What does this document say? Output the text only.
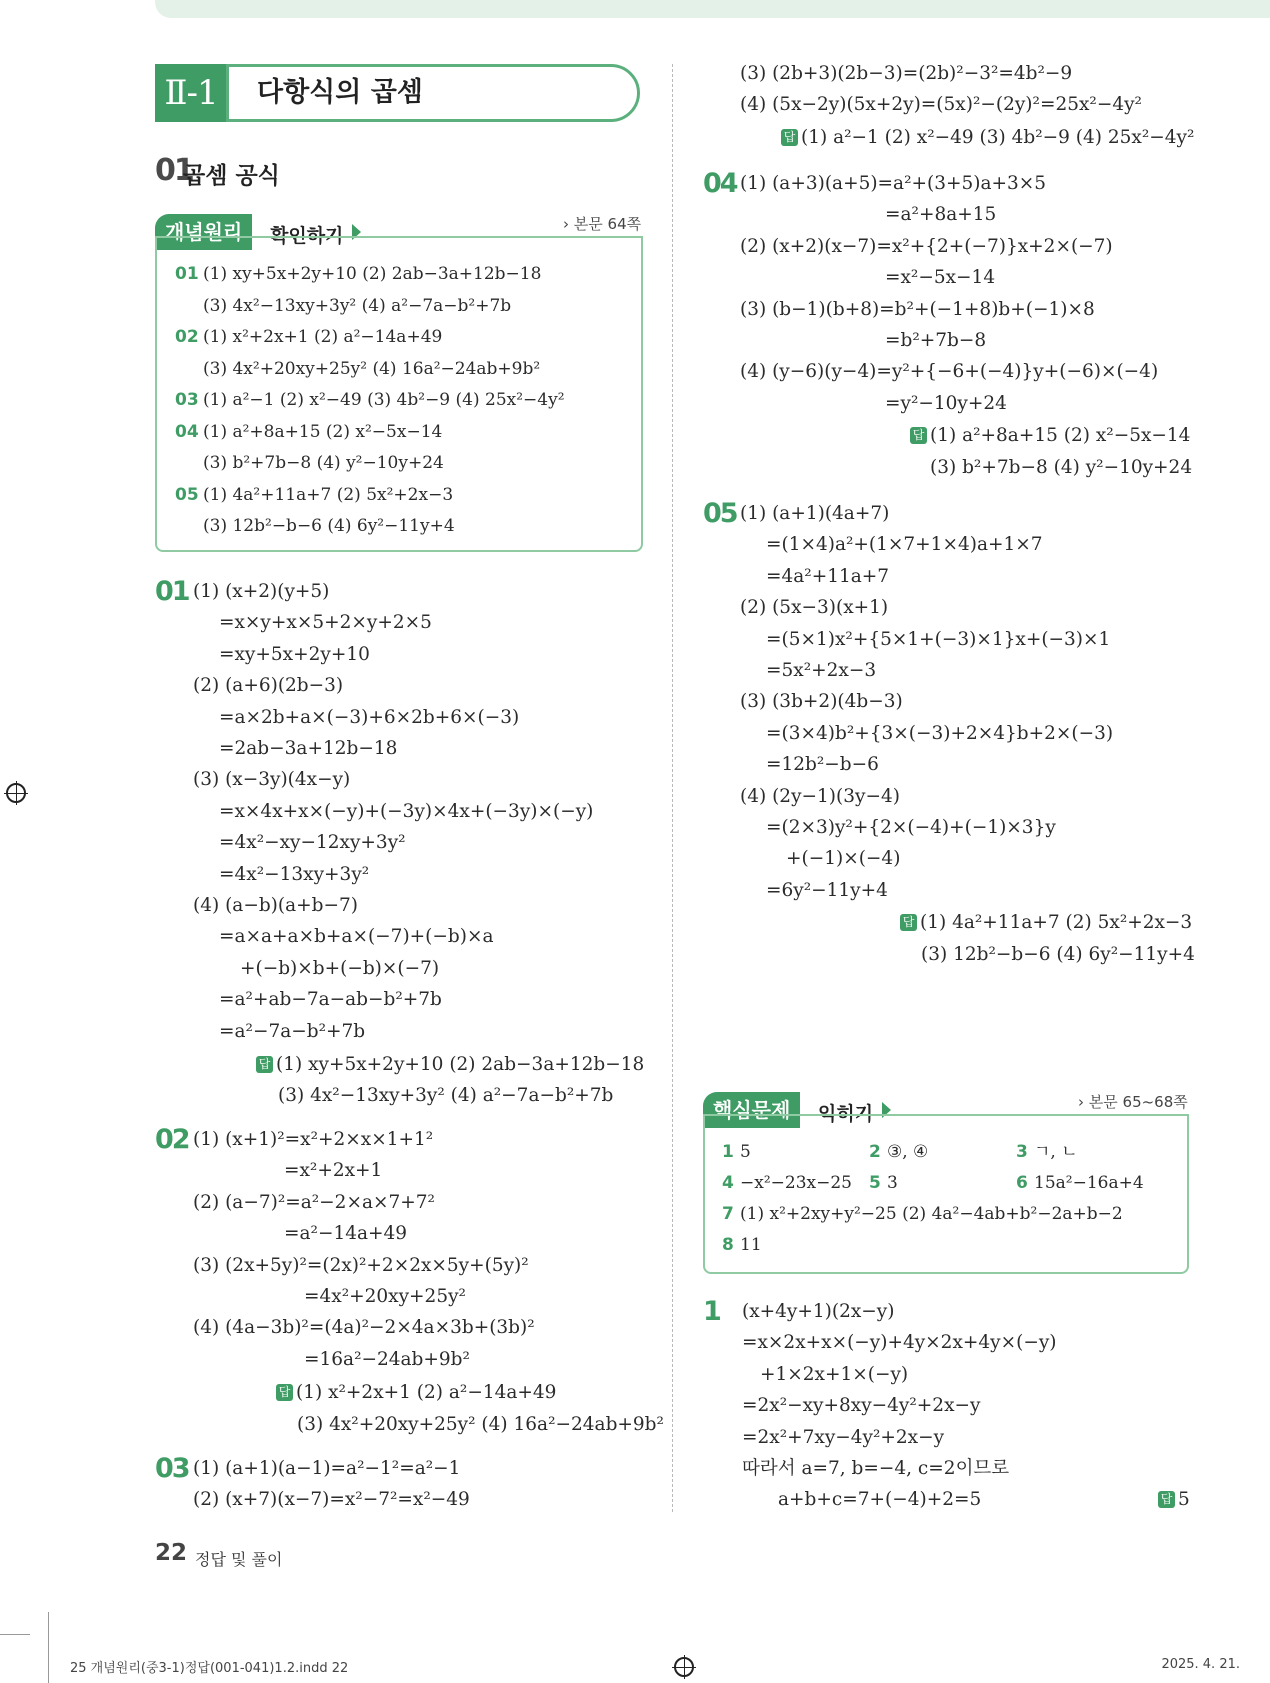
Ⅱ-1	다항식의 곱셈
01
곱셈 공식
개념원리	확인하기
› 본문 64쪽
01 (1) xy+5x+2y+10 (2) 2ab−3a+12b−18
(3) 4x²−13xy+3y² (4) a²−7a−b²+7b
02 (1) x²+2x+1 (2) a²−14a+49
(3) 4x²+20xy+25y² (4) 16a²−24ab+9b²
03 (1) a²−1 (2) x²−49 (3) 4b²−9 (4) 25x²−4y²
04 (1) a²+8a+15 (2) x²−5x−14
(3) b²+7b−8 (4) y²−10y+24
05 (1) 4a²+11a+7 (2) 5x²+2x−3
(3) 12b²−b−6 (4) 6y²−11y+4
01 (1) (x+2)(y+5)
=x×y+x×5+2×y+2×5
=xy+5x+2y+10
(2) (a+6)(2b−3)
=a×2b+a×(−3)+6×2b+6×(−3)
=2ab−3a+12b−18
(3) (x−3y)(4x−y)
=x×4x+x×(−y)+(−3y)×4x+(−3y)×(−y)
=4x²−xy−12xy+3y²
=4x²−13xy+3y²
(4) (a−b)(a+b−7)
=a×a+a×b+a×(−7)+(−b)×a
+(−b)×b+(−b)×(−7)
=a²+ab−7a−ab−b²+7b
=a²−7a−b²+7b
답 (1) xy+5x+2y+10 (2) 2ab−3a+12b−18
(3) 4x²−13xy+3y² (4) a²−7a−b²+7b
02 (1) (x+1)²=x²+2×x×1+1²
=x²+2x+1
(2) (a−7)²=a²−2×a×7+7²
=a²−14a+49
(3) (2x+5y)²=(2x)²+2×2x×5y+(5y)²
=4x²+20xy+25y²
(4) (4a−3b)²=(4a)²−2×4a×3b+(3b)²
=16a²−24ab+9b²
답 (1) x²+2x+1 (2) a²−14a+49
(3) 4x²+20xy+25y² (4) 16a²−24ab+9b²
03 (1) (a+1)(a−1)=a²−1²=a²−1
(2) (x+7)(x−7)=x²−7²=x²−49
(3) (2b+3)(2b−3)=(2b)²−3²=4b²−9
(4) (5x−2y)(5x+2y)=(5x)²−(2y)²=25x²−4y²
답 (1) a²−1 (2) x²−49 (3) 4b²−9 (4) 25x²−4y²
04 (1) (a+3)(a+5)=a²+(3+5)a+3×5
=a²+8a+15
(2) (x+2)(x−7)=x²+{2+(−7)}x+2×(−7)
=x²−5x−14
(3) (b−1)(b+8)=b²+(−1+8)b+(−1)×8
=b²+7b−8
(4) (y−6)(y−4)=y²+{−6+(−4)}y+(−6)×(−4)
=y²−10y+24
답 (1) a²+8a+15 (2) x²−5x−14
(3) b²+7b−8 (4) y²−10y+24
05 (1) (a+1)(4a+7)
=(1×4)a²+(1×7+1×4)a+1×7
=4a²+11a+7
(2) (5x−3)(x+1)
=(5×1)x²+{5×1+(−3)×1}x+(−3)×1
=5x²+2x−3
(3) (3b+2)(4b−3)
=(3×4)b²+{3×(−3)+2×4}b+2×(−3)
=12b²−b−6
(4) (2y−1)(3y−4)
=(2×3)y²+{2×(−4)+(−1)×3}y
+(−1)×(−4)
=6y²−11y+4
답 (1) 4a²+11a+7 (2) 5x²+2x−3
(3) 12b²−b−6 (4) 6y²−11y+4
1 (x+4y+1)(2x−y)
=x×2x+x×(−y)+4y×2x+4y×(−y)
+1×2x+1×(−y)
=2x²−xy+8xy−4y²+2x−y
=2x²+7xy−4y²+2x−y
따라서 a=7, b=−4, c=2이므로
a+b+c=7+(−4)+2=5	답 5
핵심문제	익히기
› 본문 65~68쪽
1 5	2 ③, ④	3 ㄱ, ㄴ
4 −x²−23x−25 5 3	6 15a²−16a+4
7 (1) x²+2xy+y²−25 (2) 4a²−4ab+b²−2a+b−2
8 11
22 정답 및 풀이
25 개념원리(중3-1)정답(001-041)1.2.indd 22	2025. 4. 21.
